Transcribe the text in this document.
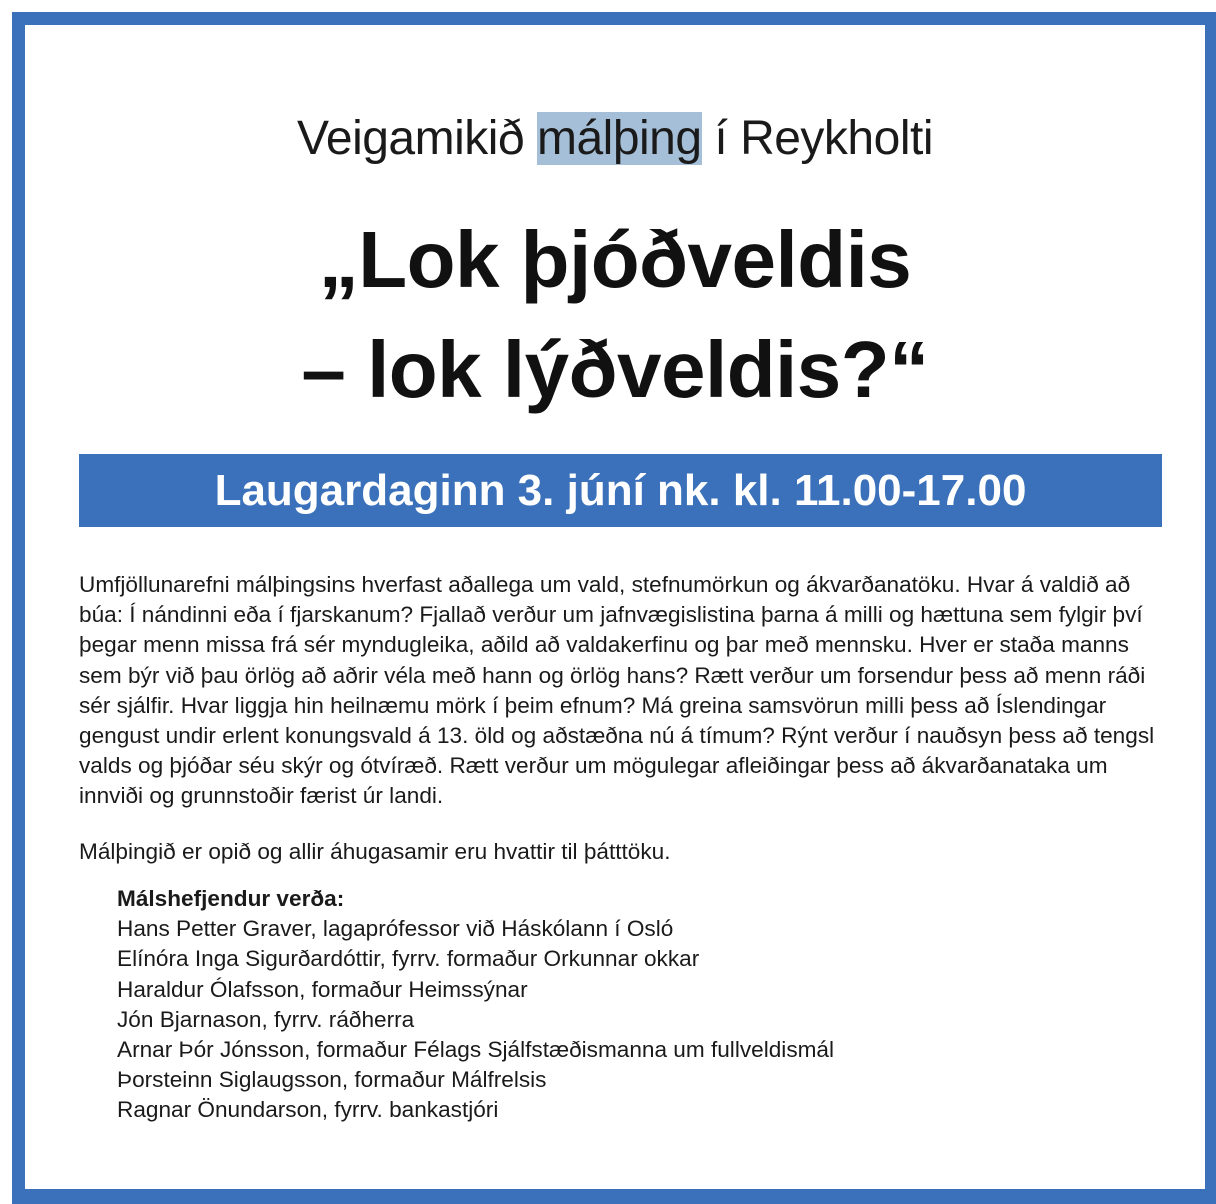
Veigamikið málþing í Reykholti
„Lok þjóðveldis
– lok lýðveldis?“
Laugardaginn 3. júní nk. kl. 11.00-17.00

Umfjöllunarefni málþingsins hverfast aðallega um vald, stefnumörkun og ákvarðanatöku. Hvar á valdið að búa: Í nándinni eða í fjarskanum? Fjallað verður um jafnvægislistina þarna á milli og hættuna sem fylgir því þegar menn missa frá sér myndugleika, aðild að valdakerfinu og þar með mennsku. Hver er staða manns sem býr við þau örlög að aðrir véla með hann og örlög hans? Rætt verður um forsendur þess að menn ráði sér sjálfir. Hvar liggja hin heilnæmu mörk í þeim efnum? Má greina samsvörun milli þess að Íslendingar gengust undir erlent konungsvald á 13. öld og aðstæðna nú á tímum? Rýnt verður í nauðsyn þess að tengsl valds og þjóðar séu skýr og ótvíræð. Rætt verður um mögulegar afleiðingar þess að ákvarðanataka um innviði og grunnstoðir færist úr landi.

Málþingið er opið og allir áhugasamir eru hvattir til þátttöku.

Málshefjendur verða:
Hans Petter Graver, lagaprófessor við Háskólann í Osló
Elínóra Inga Sigurðardóttir, fyrrv. formaður Orkunnar okkar
Haraldur Ólafsson, formaður Heimssýnar
Jón Bjarnason, fyrrv. ráðherra
Arnar Þór Jónsson, formaður Félags Sjálfstæðismanna um fullveldismál
Þorsteinn Siglaugsson, formaður Málfrelsis
Ragnar Önundarson, fyrrv. bankastjóri
